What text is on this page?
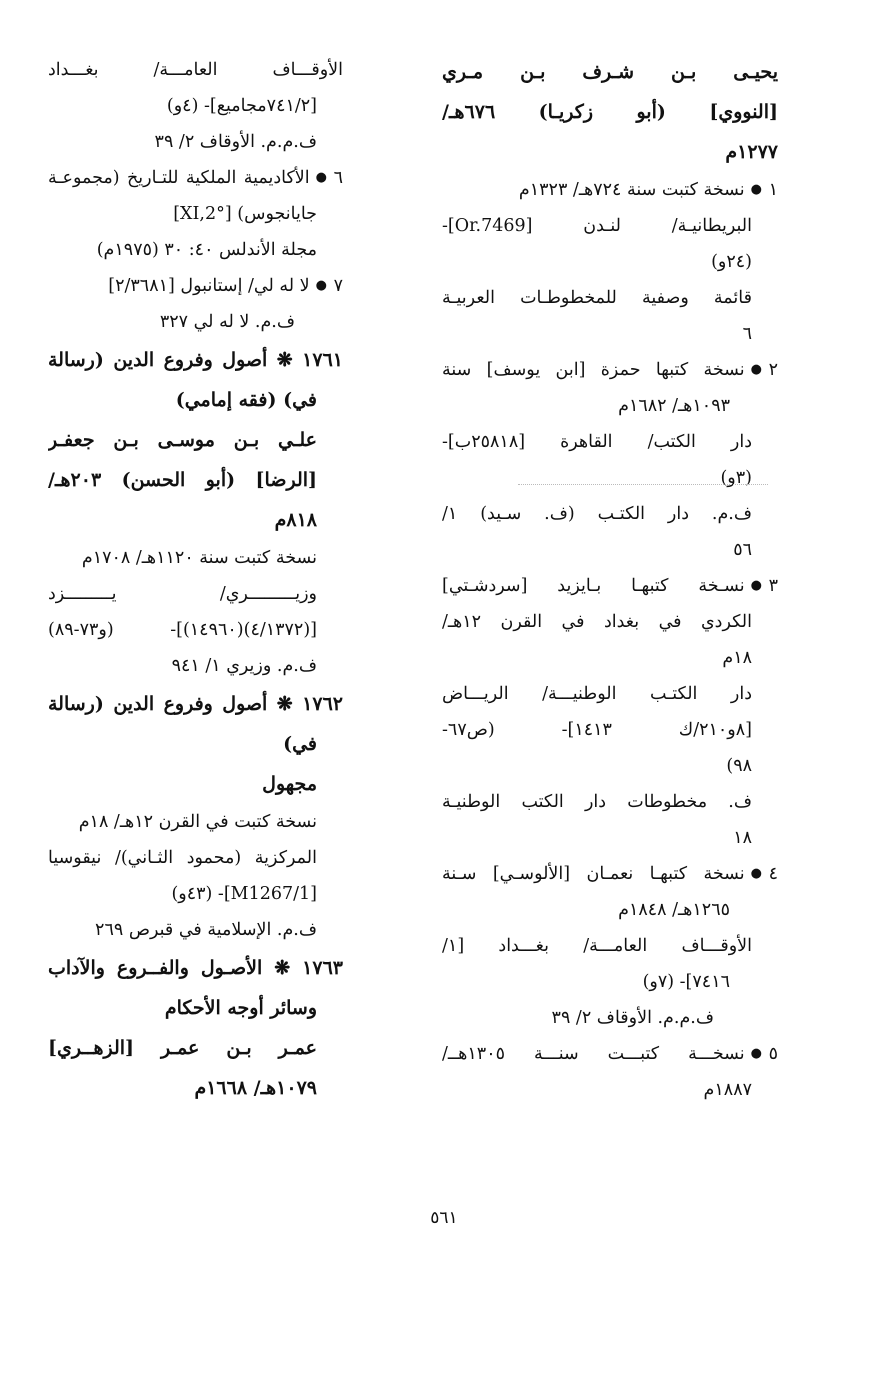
يحيـى بـن شـرف بـن مـري
[النووي] (أبو زكريـا) ٦٧٦هـ/
١٢٧٧م
١●نسخة كتبت سنة ٧٢٤هـ/ ١٣٢٣م
البريطانيـة/ لنـدن [Or.7469]-
(٢٤و)
قائمة وصفية للمخطوطـات العربيـة
٦
٢●نسخة كتبها حمزة [ابن يوسف] سنة
١٠٩٣هـ/ ١٦٨٢م
دار الكتب/ القاهرة [٢٥٨١٨ب]-
(٣و)
ف.م. دار الكتـب (ف. سـيد) ١/
٥٦
٣●نسـخة كتبهـا بـايزيد [سردشـتي]
الكردي في بغداد في القرن ١٢هـ/
١٨م
دار الكتـب الوطنيـــة/ الريـــاض
[٨و٢١٠/ك ١٤١٣]- (ص٦٧-
٩٨)
ف. مخطوطات دار الكتب الوطنيـة
١٨
٤●نسخة كتبهـا نعمـان [الألوسـي] سـنة
١٢٦٥هـ/ ١٨٤٨م
الأوقـــاف العامـــة/ بغـــداد [١/
٧٤١٦]- (٧و)
ف.م.م. الأوقاف ٢/ ٣٩
٥●نسخـــة كتبـــت سنـــة ١٣٠٥هــ/
١٨٨٧م
الأوقـــاف العامـــة/ بغـــداد
[٧٤١/٢مجاميع]- (٤و)
ف.م.م. الأوقاف ٢/ ٣٩
٦●الأكاديمية الملكية للتـاريخ (مجموعـة
جايانجوس) [XI,2°]
مجلة الأندلس ٤٠: ٣٠ (١٩٧٥م)
٧●لا له لي/ إستانبول [٢/٣٦٨١]
ف.م. لا له لي ٣٢٧
١٧٦١ ❋ أصول وفروع الدين (رسالة
في) (فقه إمامي)
علـي بـن موسـى بـن جعفـر
[الرضا] (أبو الحسن) ٢٠٣هـ/
٨١٨م
نسخة كتبت سنة ١١٢٠هـ/ ١٧٠٨م
وزيـــــــــري/ يـــــــــزد
[(٤/١٣٧٢)(١٤٩٦٠)]- (و٧٣-٨٩)
ف.م. وزيري ١/ ٩٤١
١٧٦٢ ❋ أصول وفروع الدين (رسالة
في)
مجهول
نسخة كتبت في القرن ١٢هـ/ ١٨م
المركزية (محمود الثـاني)/ نيقوسيا
[M1267/1]- (٤٣و)
ف.م. الإسلامية في قبرص ٢٦٩
١٧٦٣ ❋ الأصـول والفــروع والآداب
وسائر أوجه الأحكام
عمـر بـن عمـر [الزهــري]
١٠٧٩هـ/ ١٦٦٨م
٥٦١
